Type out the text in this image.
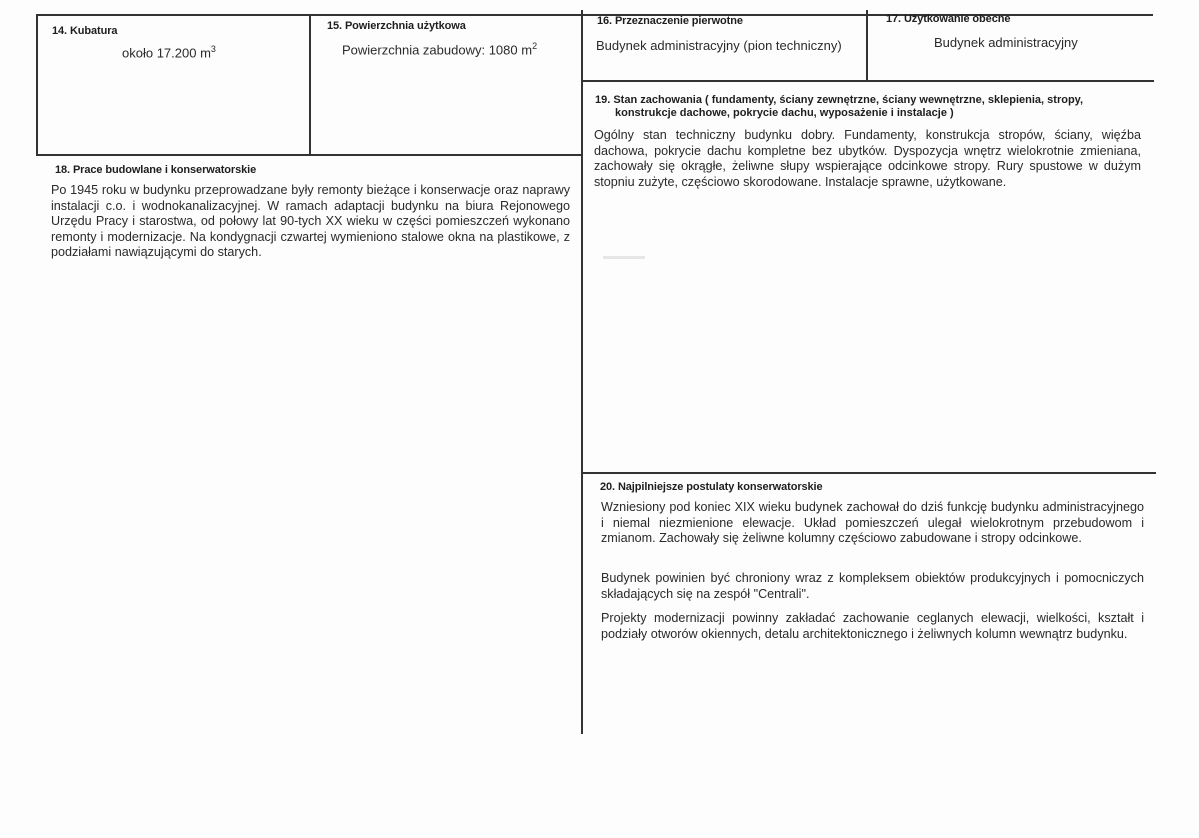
14. Kubatura
około 17.200 $m^3$
15. Powierzchnia użytkowa
Powierzchnia zabudowy: 1080 $m^2$
16. Przeznaczenie pierwotne
Budynek administracyjny (pion techniczny)
17. Użytkowanie obecne
Budynek administracyjny
18. Prace budowlane i konserwatorskie

Po 1945 roku w budynku przeprowadzane były remonty bieżące i konserwacje oraz naprawy instalacji c.o. i wodnokanalizacyjnej. W ramach adaptacji budynku na biura Rejonowego Urzędu Pracy i starostwa, od połowy lat 90-tych XX wieku w części pomieszczeń wykonano remonty i modernizacje. Na kondygnacji czwartej wymieniono stalowe okna na plastikowe, z podziałami nawiązującymi do starych.

19. Stan zachowania ( fundamenty, ściany zewnętrzne, ściany wewnętrzne, sklepienia, stropy,
konstrukcje dachowe, pokrycie dachu, wyposażenie i instalacje )

Ogólny stan techniczny budynku dobry. Fundamenty, konstrukcja stropów, ściany, więźba dachowa, pokrycie dachu kompletne bez ubytków. Dyspozycja wnętrz wielokrotnie zmieniana, zachowały się okrągłe, żeliwne słupy wspierające odcinkowe stropy. Rury spustowe w dużym stopniu zużyte, częściowo skorodowane. Instalacje sprawne, użytkowane.

20. Najpilniejsze postulaty konserwatorskie

Wzniesiony pod koniec XIX wieku budynek zachował do dziś funkcję budynku administracyjnego i niemal niezmienione elewacje. Układ pomieszczeń ulegał wielokrotnym przebudowom i zmianom. Zachowały się żeliwne kolumny częściowo zabudowane i stropy odcinkowe.

Budynek powinien być chroniony wraz z kompleksem obiektów produkcyjnych i pomocniczych składających się na zespół "Centrali".

Projekty modernizacji powinny zakładać zachowanie ceglanych elewacji, wielkości, kształt i podziały otworów okiennych, detalu architektonicznego i żeliwnych kolumn wewnątrz budynku.
